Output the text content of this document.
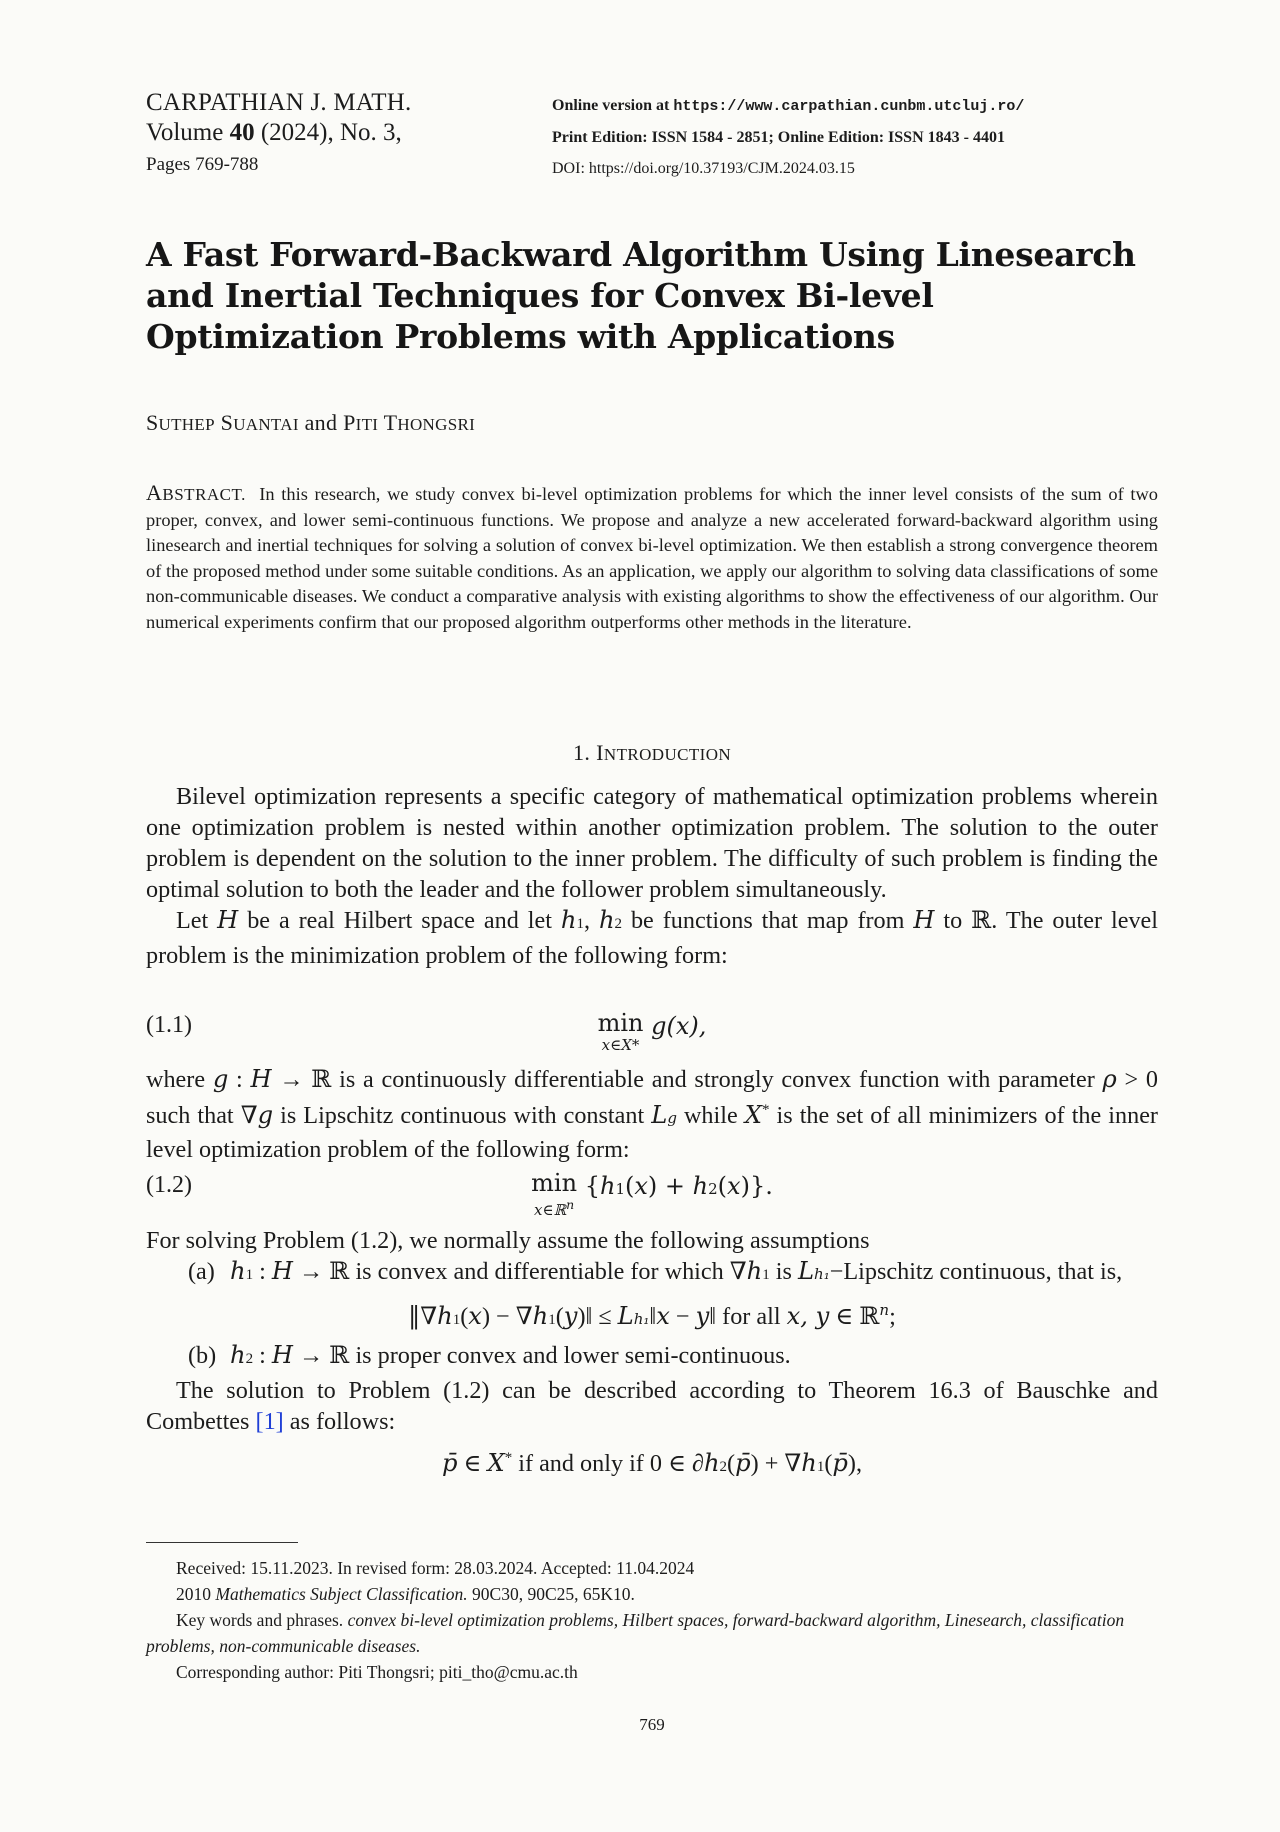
CARPATHIAN J. MATH.
Volume 40 (2024), No. 3,
Pages 769-788
Online version at https://www.carpathian.cunbm.utcluj.ro/
Print Edition: ISSN 1584 - 2851; Online Edition: ISSN 1843 - 4401
DOI: https://doi.org/10.37193/CJM.2024.03.15
A Fast Forward-Backward Algorithm Using Linesearch and Inertial Techniques for Convex Bi-level Optimization Problems with Applications
SUTHEP SUANTAI and PITI THONGSRI
ABSTRACT. In this research, we study convex bi-level optimization problems for which the inner level consists of the sum of two proper, convex, and lower semi-continuous functions. We propose and analyze a new accelerated forward-backward algorithm using linesearch and inertial techniques for solving a solution of convex bi-level optimization. We then establish a strong convergence theorem of the proposed method under some suitable conditions. As an application, we apply our algorithm to solving data classifications of some non-communicable diseases. We conduct a comparative analysis with existing algorithms to show the effectiveness of our algorithm. Our numerical experiments confirm that our proposed algorithm outperforms other methods in the literature.
1. INTRODUCTION

Bilevel optimization represents a specific category of mathematical optimization problems wherein one optimization problem is nested within another optimization problem. The solution to the outer problem is dependent on the solution to the inner problem. The difficulty of such problem is finding the optimal solution to both the leader and the follower problem simultaneously.

Let H be a real Hilbert space and let h1, h2 be functions that map from H to ℝ. The outer level problem is the minimization problem of the following form:

(1.1)	min
x∈X*
g(x),

where g : H → ℝ is a continuously differentiable and strongly convex function with parameter ρ > 0 such that ∇g is Lipschitz continuous with constant Lg while X* is the set of all minimizers of the inner level optimization problem of the following form:

(1.2)	min
x∈ℝ$^n$
{h1(x) + h2(x)}.

For solving Problem (1.2), we normally assume the following assumptions

(a) h1 : H → ℝ is convex and differentiable for which ∇h1 is Lh₁−Lipschitz continuous, that is,
‖∇h1(x) − ∇h1(y)‖ ≤ Lh₁‖x − y‖ for all x, y ∈ ℝ$^n$;
(b) h2 : H → ℝ is proper convex and lower semi-continuous.

The solution to Problem (1.2) can be described according to Theorem 16.3 of Bauschke and Combettes [1] as follows:

p̄ ∈ X* if and only if 0 ∈ ∂h2(p̄) + ∇h1(p̄),
Received: 15.11.2023. In revised form: 28.03.2024. Accepted: 11.04.2024
2010 Mathematics Subject Classification. 90C30, 90C25, 65K10.
Key words and phrases. convex bi-level optimization problems, Hilbert spaces, forward-backward algorithm, Linesearch, classification problems, non-communicable diseases.
Corresponding author: Piti Thongsri; piti_tho@cmu.ac.th
769
